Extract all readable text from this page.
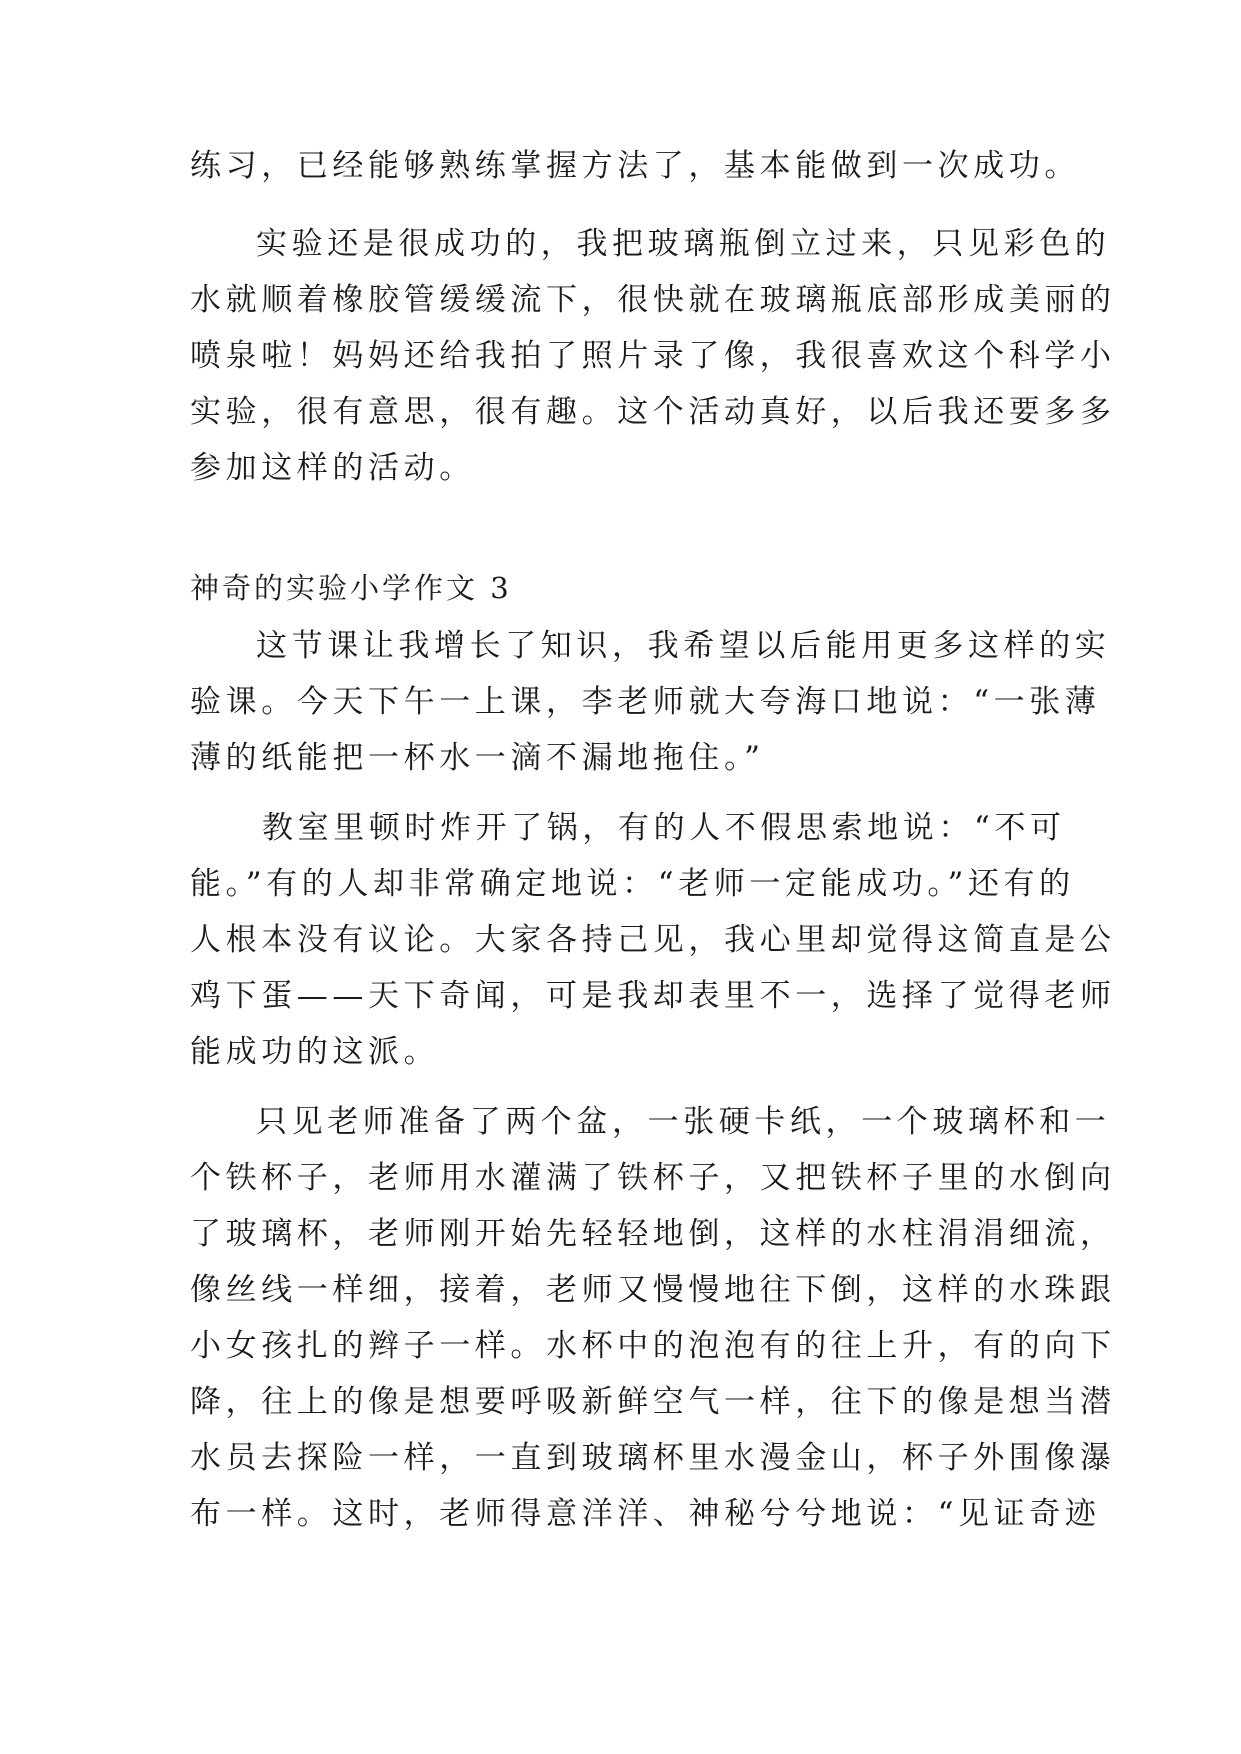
练习，已经能够熟练掌握方法了，基本能做到一次成功。
实验还是很成功的，我把玻璃瓶倒立过来，只见彩色的
水就顺着橡胶管缓缓流下，很快就在玻璃瓶底部形成美丽的
喷泉啦！妈妈还给我拍了照片录了像，我很喜欢这个科学小
实验，很有意思，很有趣。这个活动真好，以后我还要多多
参加这样的活动。
神奇的实验小学作文 3
这节课让我增长了知识，我希望以后能用更多这样的实
验课。今天下午一上课，李老师就大夸海口地说：“一张薄
薄的纸能把一杯水一滴不漏地拖住。”
教室里顿时炸开了锅，有的人不假思索地说：“不可
能。”有的人却非常确定地说：“老师一定能成功。”还有的
人根本没有议论。大家各持己见，我心里却觉得这简直是公
鸡下蛋——天下奇闻，可是我却表里不一，选择了觉得老师
能成功的这派。
只见老师准备了两个盆，一张硬卡纸，一个玻璃杯和一
个铁杯子，老师用水灌满了铁杯子，又把铁杯子里的水倒向
了玻璃杯，老师刚开始先轻轻地倒，这样的水柱涓涓细流，
像丝线一样细，接着，老师又慢慢地往下倒，这样的水珠跟
小女孩扎的辫子一样。水杯中的泡泡有的往上升，有的向下
降，往上的像是想要呼吸新鲜空气一样，往下的像是想当潜
水员去探险一样，一直到玻璃杯里水漫金山，杯子外围像瀑
布一样。这时，老师得意洋洋、神秘兮兮地说：“见证奇迹
